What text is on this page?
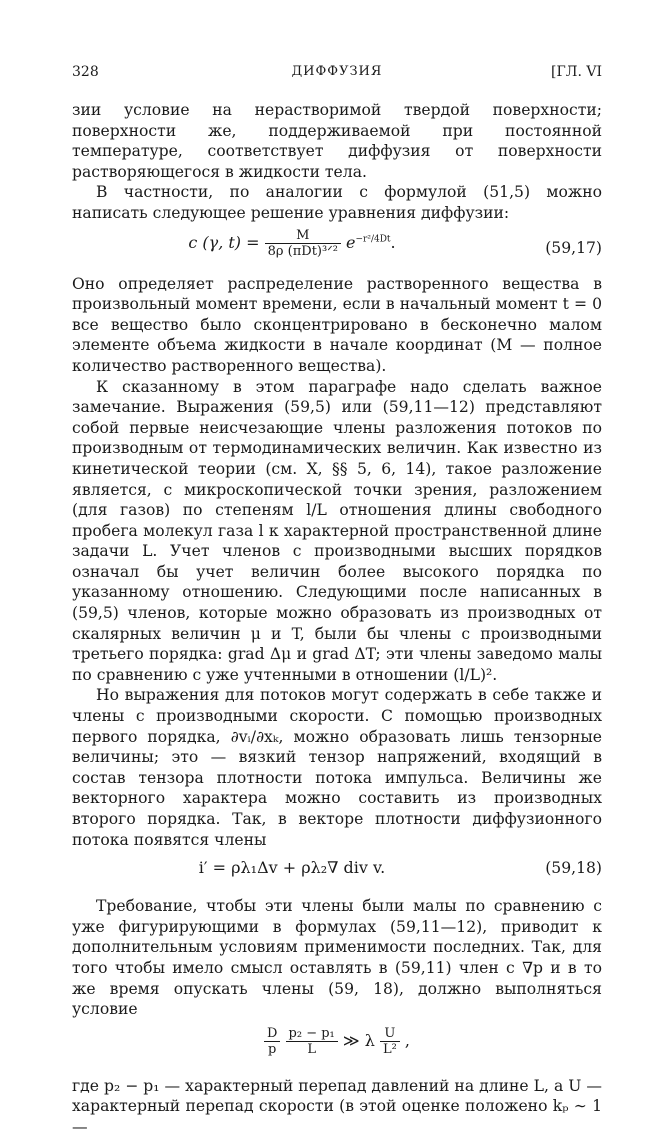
328	ДИФФУЗИЯ	[ГЛ. VI

зии условие на нерастворимой твердой поверхности; поверхности же, поддерживаемой при постоянной температуре, соответствует диффузия от поверхности растворяющегося в жидкости тела.

В частности, по аналогии с формулой (51,5) можно написать следующее решение уравнения диффузии:

c (γ, $t) = \frac{M}{\text{8ρ (πDt)³ᐟ²}} e^{-r^2/4Dt}$.	(59,17)

Оно определяет распределение растворенного вещества в произвольный момент времени, если в начальный момент t = 0 все вещество было сконцентрировано в бесконечно малом элементе объема жидкости в начале координат (M — полное количество растворенного вещества).

К сказанному в этом параграфе надо сделать важное замечание. Выражения (59,5) или (59,11—12) представляют собой первые неисчезающие члены разложения потоков по производным от термодинамических величин. Как известно из кинетической теории (см. X, §§ 5, 6, 14), такое разложение является, с микроскопической точки зрения, разложением (для газов) по степеням l/L отношения длины свободного пробега молекул газа l к характерной пространственной длине задачи L. Учет членов с производными высших порядков означал бы учет величин более высокого порядка по указанному отношению. Следующими после написанных в (59,5) членов, которые можно образовать из производных от скалярных величин μ и T, были бы члены с производными третьего порядка: grad Δμ и grad ΔT; эти члены заведомо малы по сравнению с уже учтенными в отношении (l/L)².

Но выражения для потоков могут содержать в себе также и члены с производными скорости. С помощью производных первого порядка, ∂vᵢ/∂xₖ, можно образовать лишь тензорные величины; это — вязкий тензор напряжений, входящий в состав тензора плотности потока импульса. Величины же векторного характера можно составить из производных второго порядка. Так, в векторе плотности диффузионного потока появятся члены

i′ = ρλ₁Δv + ρλ₂∇ div v.	(59,18)

Требование, чтобы эти члены были малы по сравнению с уже фигурирующими в формулах (59,11—12), приводит к дополнительным условиям применимости последних. Так, для того чтобы имело смысл оставлять в (59,11) член с ∇p и в то же время опускать члены (59, 18), должно выполняться условие

$\frac{D}{p}$
$\frac{\text{p₂ − p₁}}{L}$ ≫ λ $\frac{U}{\text{L²}}$ ,

где p₂ − p₁ — характерный перепад давлений на длине L, а U — характерный перепад скорости (в этой оценке положено kₚ ∼ 1 —
